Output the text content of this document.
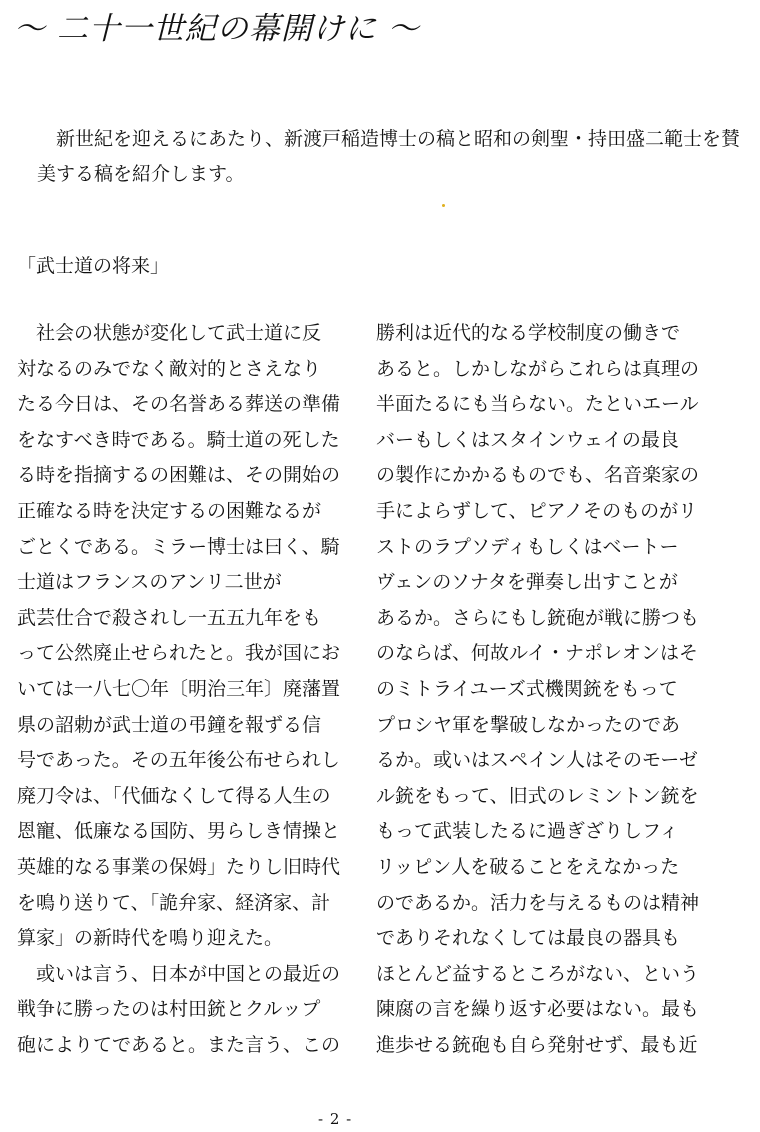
〜 二十一世紀の幕開けに 〜
新世紀を迎えるにあたり、新渡戸稲造博士の稿と昭和の剣聖・持田盛二範士を賛
美する稿を紹介します。
「武士道の将来」
　社会の状態が変化して武士道に反
対なるのみでなく敵対的とさえなり
たる今日は、その名誉ある葬送の準備
をなすべき時である。騎士道の死した
る時を指摘するの困難は、その開始の
正確なる時を決定するの困難なるが
ごとくである。ミラー博士は曰く、騎
士道はフランスのアンリ二世が
武芸仕合で殺されし一五五九年をも
って公然廃止せられたと。我が国にお
いては一八七〇年〔明治三年〕廃藩置
県の詔勅が武士道の弔鐘を報ずる信
号であった。その五年後公布せられし
廃刀令は、「代価なくして得る人生の
恩寵、低廉なる国防、男らしき情操と
英雄的なる事業の保姆」たりし旧時代
を鳴り送りて、「詭弁家、経済家、計
算家」の新時代を鳴り迎えた。
　或いは言う、日本が中国との最近の
戦争に勝ったのは村田銃とクルップ
砲によりてであると。また言う、この
勝利は近代的なる学校制度の働きで
あると。しかしながらこれらは真理の
半面たるにも当らない。たといエール
バーもしくはスタインウェイの最良
の製作にかかるものでも、名音楽家の
手によらずして、ピアノそのものがリ
ストのラプソディもしくはベートー
ヴェンのソナタを弾奏し出すことが
あるか。さらにもし銃砲が戦に勝つも
のならば、何故ルイ・ナポレオンはそ
のミトライユーズ式機関銃をもって
プロシヤ軍を撃破しなかったのであ
るか。或いはスペイン人はそのモーゼ
ル銃をもって、旧式のレミントン銃を
もって武装したるに過ぎざりしフィ
リッピン人を破ることをえなかった
のであるか。活力を与えるものは精神
でありそれなくしては最良の器具も
ほとんど益するところがない、という
陳腐の言を繰り返す必要はない。最も
進歩せる銃砲も自ら発射せず、最も近
- 2 -
